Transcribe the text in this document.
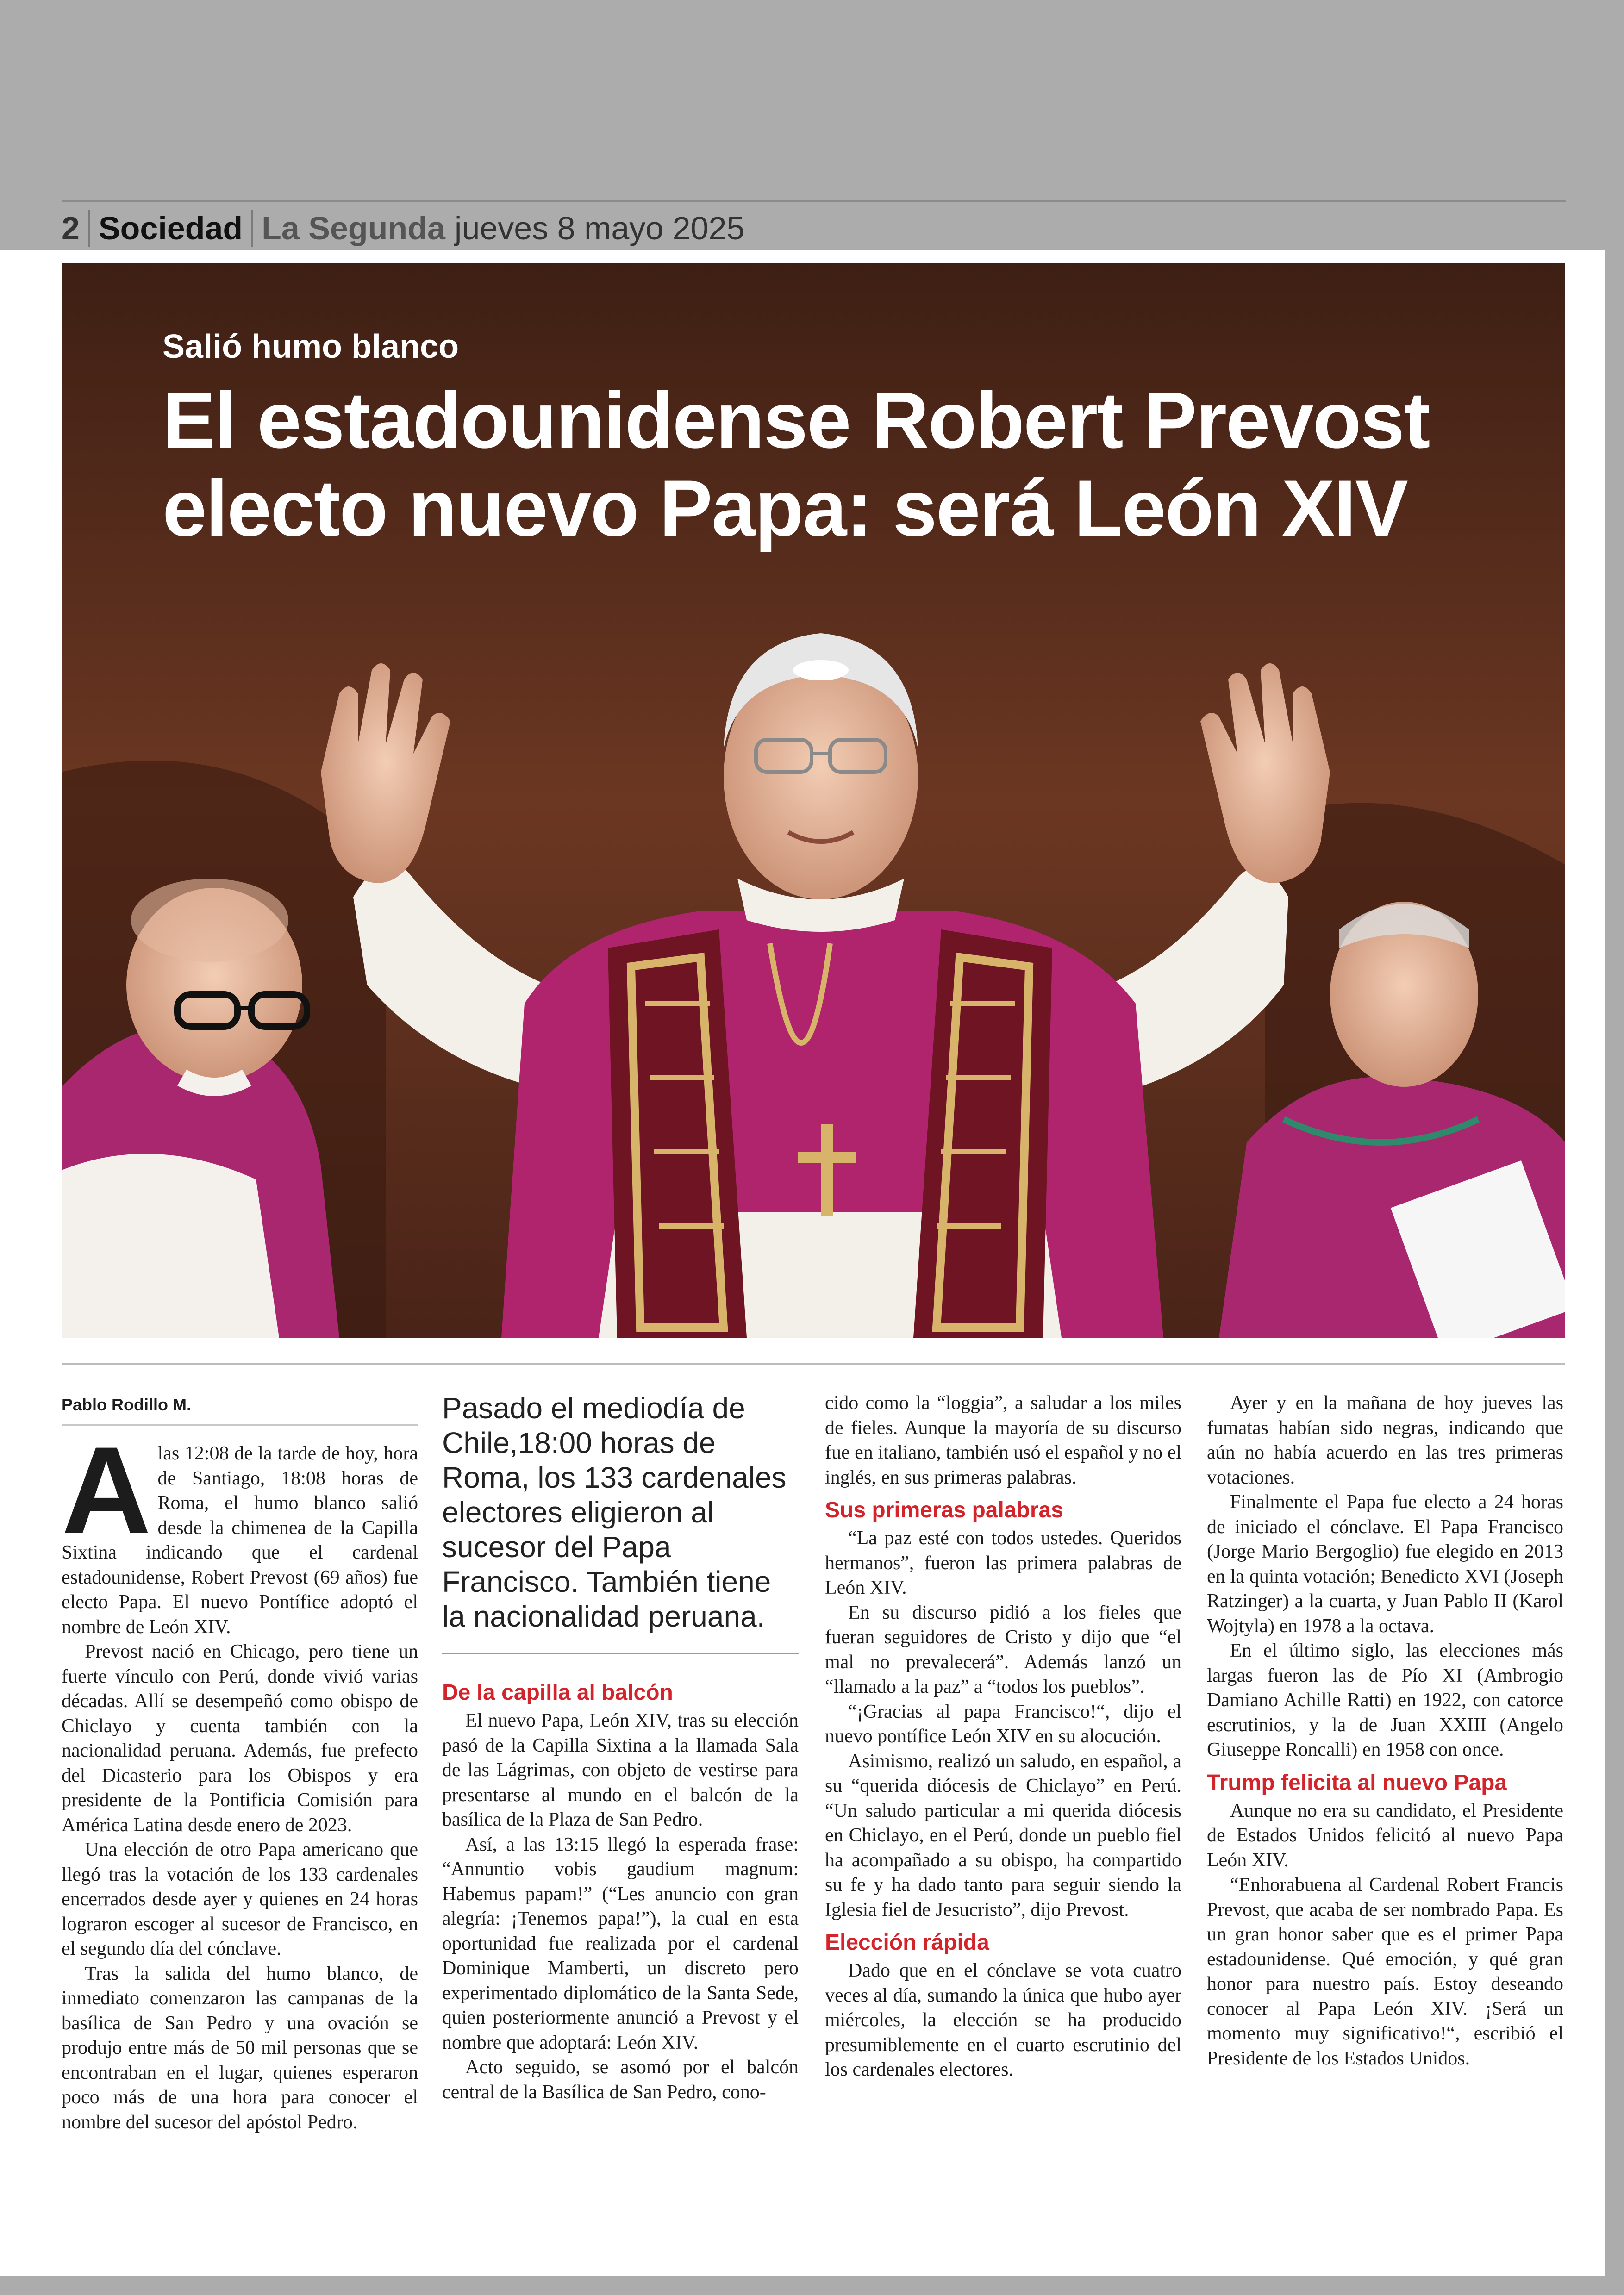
2 Sociedad La Segunda jueves 8 mayo 2025
Salió humo blanco
El estadounidense Robert Prevost electo nuevo Papa: será León XIV
Pablo Rodillo M.
A las 12:08 de la tarde de hoy, hora de Santiago, 18:08 horas de Roma, el humo blanco salió desde la chimenea de la Capilla Sixtina indicando que el cardenal estadounidense, Robert Prevost (69 años) fue electo Papa. El nuevo Pontífice adoptó el nombre de León XIV.

Prevost nació en Chicago, pero tiene un fuerte vínculo con Perú, donde vivió varias décadas. Allí se desempeñó como obispo de Chiclayo y cuenta también con la nacionalidad peruana. Además, fue prefecto del Dicasterio para los Obispos y era presidente de la Pontificia Comisión para América Latina desde enero de 2023.

Una elección de otro Papa americano que llegó tras la votación de los 133 cardenales encerrados desde ayer y quienes en 24 horas lograron escoger al sucesor de Francisco, en el segundo día del cónclave.

Tras la salida del humo blanco, de inmediato comenzaron las campanas de la basílica de San Pedro y una ovación se produjo entre más de 50 mil personas que se encontraban en el lugar, quienes esperaron poco más de una hora para conocer el nombre del sucesor del apóstol Pedro.

Pasado el mediodía de Chile,18:00 horas de Roma, los 133 cardenales electores eligieron al sucesor del Papa Francisco. También tiene la nacionalidad peruana.
De la capilla al balcón

El nuevo Papa, León XIV, tras su elección pasó de la Capilla Sixtina a la llamada Sala de las Lágrimas, con objeto de vestirse para presentarse al mundo en el balcón de la basílica de la Plaza de San Pedro.

Así, a las 13:15 llegó la esperada frase: “Annuntio vobis gaudium magnum: Habemus papam!” (“Les anuncio con gran alegría: ¡Tenemos papa!”), la cual en esta oportunidad fue realizada por el cardenal Dominique Mamberti, un discreto pero experimentado diplomático de la Santa Sede, quien posteriormente anunció a Prevost y el nombre que adoptará: León XIV.

Acto seguido, se asomó por el balcón central de la Basílica de San Pedro, cono-

cido como la “loggia”, a saludar a los miles de fieles. Aunque la mayoría de su discurso fue en italiano, también usó el español y no el inglés, en sus primeras palabras.

Sus primeras palabras

“La paz esté con todos ustedes. Queridos hermanos”, fueron las primera palabras de León XIV.

En su discurso pidió a los fieles que fueran seguidores de Cristo y dijo que “el mal no prevalecerá”. Además lanzó un “llamado a la paz” a “todos los pueblos”.

“¡Gracias al papa Francisco!“, dijo el nuevo pontífice León XIV en su alocución.

Asimismo, realizó un saludo, en español, a su “querida diócesis de Chiclayo” en Perú. “Un saludo particular a mi querida diócesis en Chiclayo, en el Perú, donde un pueblo fiel ha acompañado a su obispo, ha compartido su fe y ha dado tanto para seguir siendo la Iglesia fiel de Jesucristo”, dijo Prevost.

Elección rápida

Dado que en el cónclave se vota cuatro veces al día, sumando la única que hubo ayer miércoles, la elección se ha producido presumiblemente en el cuarto escrutinio del los cardenales electores.

Ayer y en la mañana de hoy jueves las fumatas habían sido negras, indicando que aún no había acuerdo en las tres primeras votaciones.

Finalmente el Papa fue electo a 24 horas de iniciado el cónclave. El Papa Francisco (Jorge Mario Bergoglio) fue elegido en 2013 en la quinta votación; Benedicto XVI (Joseph Ratzinger) a la cuarta, y Juan Pablo II (Karol Wojtyla) en 1978 a la octava.

En el último siglo, las elecciones más largas fueron las de Pío XI (Ambrogio Damiano Achille Ratti) en 1922, con catorce escrutinios, y la de Juan XXIII (Angelo Giuseppe Roncalli) en 1958 con once.

Trump felicita al nuevo Papa

Aunque no era su candidato, el Presidente de Estados Unidos felicitó al nuevo Papa León XIV.

“Enhorabuena al Cardenal Robert Francis Prevost, que acaba de ser nombrado Papa. Es un gran honor saber que es el primer Papa estadounidense. Qué emoción, y qué gran honor para nuestro país. Estoy deseando conocer al Papa León XIV. ¡Será un momento muy significativo!“, escribió el Presidente de los Estados Unidos.
